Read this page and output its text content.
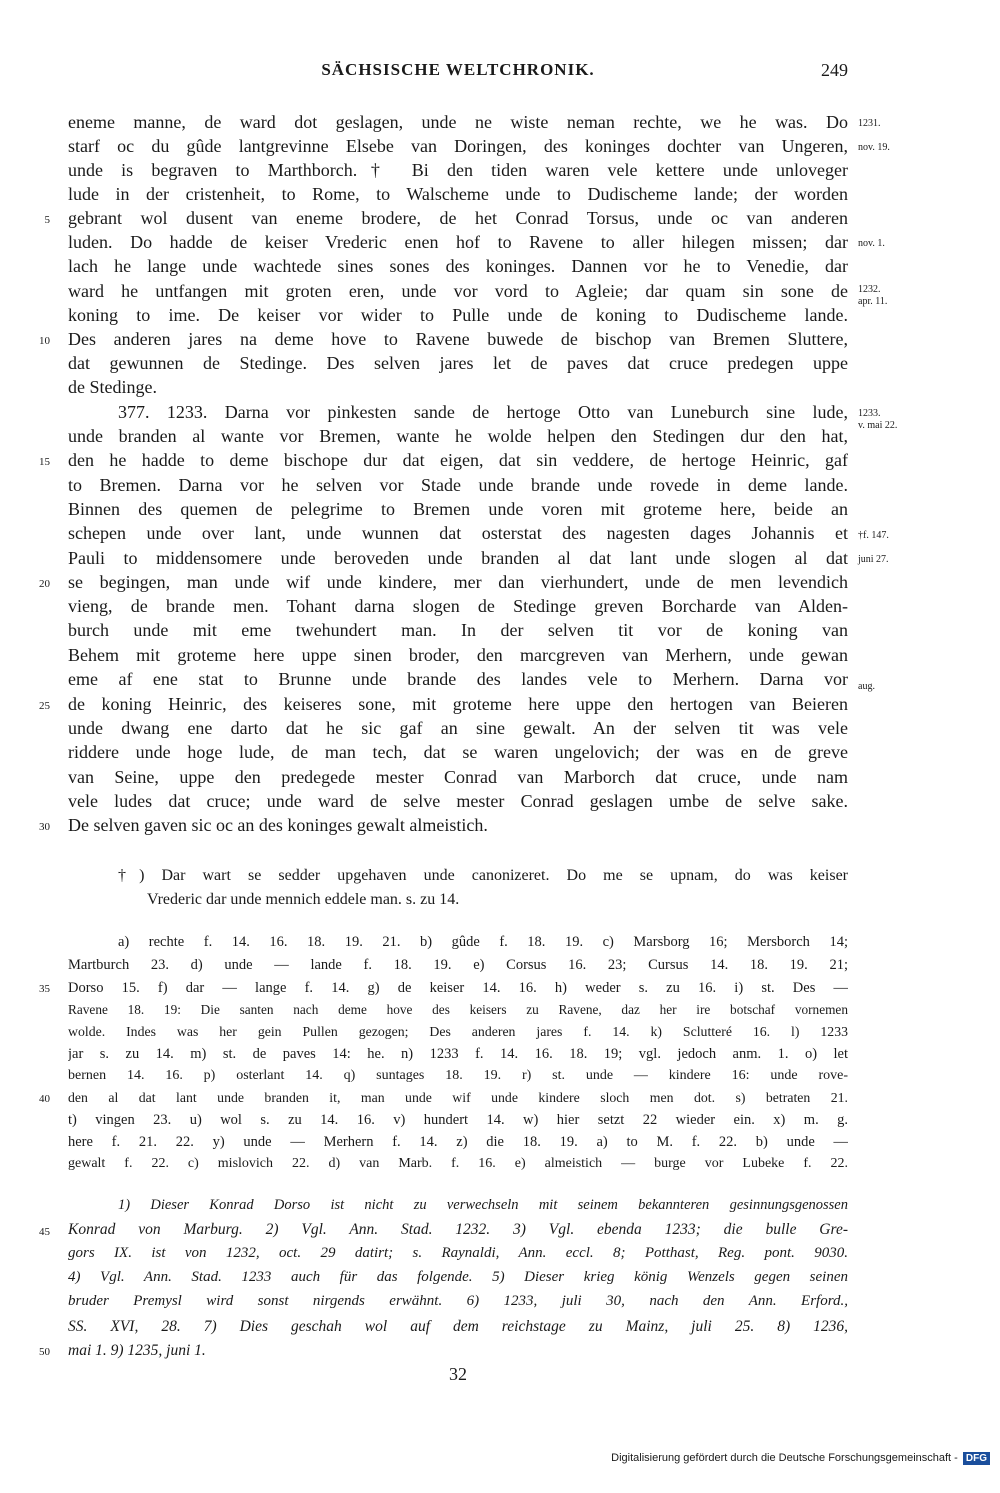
SÄCHSISCHE WELTCHRONIK.	249
eneme manne, de ward dot geslagen, unde ne wiste neman rechte, we he was. Do
starf oc du gûde lantgrevinne Elsebe van Doringen, des koninges dochter van Ungeren,
unde is begraven to Marthborch.† Bi den tiden waren vele kettere unde unloveger
lude in der cristenheit, to Rome, to Walscheme unde to Dudischeme lande; der worden
gebrant wol dusent van eneme brodere, de het Conrad Torsus, unde oc van anderen
luden. Do hadde de keiser Vrederic enen hof to Ravene to aller hilegen missen; dar
lach he lange unde wachtede sines sones des koninges. Dannen vor he to Venedie, dar
ward he untfangen mit groten eren, unde vor vord to Agleie; dar quam sin sone de
koning to ime. De keiser vor wider to Pulle unde de koning to Dudischeme lande.
Des anderen jares na deme hove to Ravene buwede de bischop van Bremen Sluttere,
dat gewunnen de Stedinge. Des selven jares let de paves dat cruce predegen uppe
de Stedinge.
377. 1233. Darna vor pinkesten sande de hertoge Otto van Luneburch sine lude,
unde branden al wante vor Bremen, wante he wolde helpen den Stedingen dur den hat,
den he hadde to deme bischope dur dat eigen, dat sin veddere, de hertoge Heinric, gaf
to Bremen. Darna vor he selven vor Stade unde brande unde rovede in deme lande.
Binnen des quemen de pelegrime to Bremen unde voren mit groteme here, beide an
schepen unde over lant, unde wunnen dat osterstat des nagesten dages Johannis et
Pauli to middensomere unde beroveden unde branden al dat lant unde slogen al dat
se begingen, man unde wif unde kindere, mer dan vierhundert, unde de men levendich
vieng, de brande men. Tohant darna slogen de Stedinge greven Borcharde van Alden-
burch unde mit eme twehundert man. In der selven tit vor de koning van
Behem mit groteme here uppe sinen broder, den marcgreven van Merhern, unde gewan
eme af ene stat to Brunne unde brande des landes vele to Merhern. Darna vor
de koning Heinric, des keiseres sone, mit groteme here uppe den hertogen van Beieren
unde dwang ene darto dat he sic gaf an sine gewalt. An der selven tit was vele
riddere unde hoge lude, de man tech, dat se waren ungelovich; der was en de greve
van Seine, uppe den predegede mester Conrad van Marborch dat cruce, unde nam
vele ludes dat cruce; unde ward de selve mester Conrad geslagen umbe de selve sake.
De selven gaven sic oc an des koninges gewalt almeistich.
5
10
15
20
25
30
1231.
nov. 19.
nov. 1.
1232.
apr. 11.
1233.
v. mai 22.
†f. 147.
juni 27.
aug.
†) Dar wart se sedder upgehaven unde canonizeret. Do me se upnam, do was keiser
Vrederic dar unde mennich eddele man. s. zu 14.
a) rechte f. 14. 16. 18. 19. 21. b) gûde f. 18. 19. c) Marsborg 16; Mersborch 14;
Martburch 23. d) unde — lande f. 18. 19. e) Corsus 16. 23; Cursus 14. 18. 19. 21;
Dorso 15. f) dar — lange f. 14. g) de keiser 14. 16. h) weder s. zu 16. i) st. Des —
Ravene 18. 19: Die santen nach deme hove des keisers zu Ravene, daz her ire botschaf vornemen
wolde. Indes was her gein Pullen gezogen; Des anderen jares f. 14. k) Sclutteré 16. l) 1233
jar s. zu 14. m) st. de paves 14: he. n) 1233 f. 14. 16. 18. 19; vgl. jedoch anm. 1. o) let
bernen 14. 16. p) osterlant 14. q) suntages 18. 19. r) st. unde — kindere 16: unde rove-
den al dat lant unde branden it, man unde wif unde kindere sloch men dot. s) betraten 21.
t) vingen 23. u) wol s. zu 14. 16. v) hundert 14. w) hier setzt 22 wieder ein. x) m. g.
here f. 21. 22. y) unde — Merhern f. 14. z) die 18. 19. a) to M. f. 22. b) unde —
gewalt f. 22. c) mislovich 22. d) van Marb. f. 16. e) almeistich — burge vor Lubeke f. 22.
35
40
1) Dieser Konrad Dorso ist nicht zu verwechseln mit seinem bekannteren gesinnungsgenossen
Konrad von Marburg. 2) Vgl. Ann. Stad. 1232. 3) Vgl. ebenda 1233; die bulle Gre-
gors IX. ist von 1232, oct. 29 datirt; s. Raynaldi, Ann. eccl. 8; Potthast, Reg. pont. 9030.
4) Vgl. Ann. Stad. 1233 auch für das folgende. 5) Dieser krieg könig Wenzels gegen seinen
bruder Premysl wird sonst nirgends erwähnt. 6) 1233, juli 30, nach den Ann. Erford.,
SS. XVI, 28. 7) Dies geschah wol auf dem reichstage zu Mainz, juli 25. 8) 1236,
mai 1. 9) 1235, juni 1.
45
50
32
Digitalisierung gefördert durch die Deutsche Forschungsgemeinschaft - DFG
